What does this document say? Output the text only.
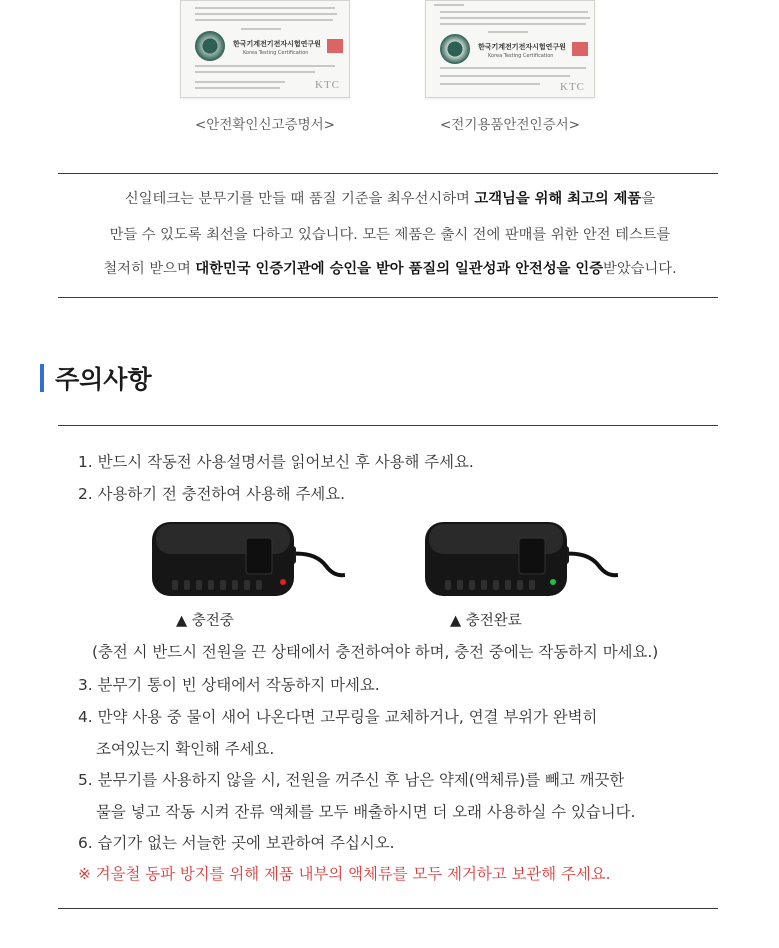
한국기계전기전자시험연구원
Korea Testing Certification
KTC
<안전확인신고증명서>
한국기계전기전자시험연구원
Korea Testing Certification
KTC
<전기용품안전인증서>

신일테크는 분무기를 만들 때 품질 기준을 최우선시하며 고객님을 위해 최고의 제품을

만들 수 있도록 최선을 다하고 있습니다. 모든 제품은 출시 전에 판매를 위한 안전 테스트를

철저히 받으며 대한민국 인증기관에 승인을 받아 품질의 일관성과 안전성을 인증받았습니다.

주의사항
1. 반드시 작동전 사용설명서를 읽어보신 후 사용해 주세요.
2. 사용하기 전 충전하여 사용해 주세요.
▲ 충전중	▲ 충전완료
(충전 시 반드시 전원을 끈 상태에서 충전하여야 하며, 충전 중에는 작동하지 마세요.)
3. 분무기 통이 빈 상태에서 작동하지 마세요.
4. 만약 사용 중 물이 새어 나온다면 고무링을 교체하거나, 연결 부위가 완벽히
조여있는지 확인해 주세요.
5. 분무기를 사용하지 않을 시, 전원을 꺼주신 후 남은 약제(액체류)를 빼고 깨끗한
물을 넣고 작동 시켜 잔류 액체를 모두 배출하시면 더 오래 사용하실 수 있습니다.
6. 습기가 없는 서늘한 곳에 보관하여 주십시오.
※ 겨울철 동파 방지를 위해 제품 내부의 액체류를 모두 제거하고 보관해 주세요.
